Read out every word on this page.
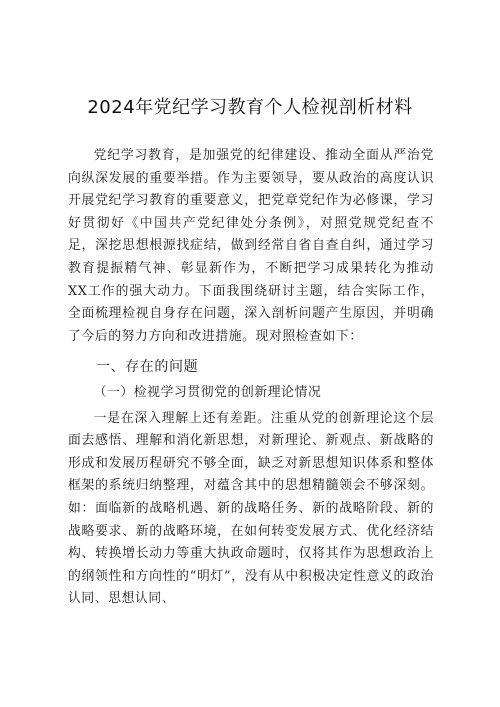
2024年党纪学习教育个人检视剖析材料

党纪学习教育，是加强党的纪律建设、推动全面从严治党向纵深发展的重要举措。作为主要领导，要从政治的高度认识开展党纪学习教育的重要意义，把党章党纪作为必修课，学习好贯彻好《中国共产党纪律处分条例》，对照党规党纪查不足，深挖思想根源找症结，做到经常自省自查自纠，通过学习教育提振精气神、彰显新作为，不断把学习成果转化为推动XX工作的强大动力。下面我围绕研讨主题，结合实际工作，全面梳理检视自身存在问题，深入剖析问题产生原因，并明确了今后的努力方向和改进措施。现对照检查如下：

一、存在的问题
（一）检视学习贯彻党的创新理论情况

一是在深入理解上还有差距。注重从党的创新理论这个层面去感悟、理解和消化新思想，对新理论、新观点、新战略的形成和发展历程研究不够全面，缺乏对新思想知识体系和整体框架的系统归纳整理，对蕴含其中的思想精髓领会不够深刻。如：面临新的战略机遇、新的战略任务、新的战略阶段、新的战略要求、新的战略环境，在如何转变发展方式、优化经济结构、转换增长动力等重大执政命题时，仅将其作为思想政治上的纲领性和方向性的“明灯”，没有从中积极决定性意义的政治认同、思想认同、
